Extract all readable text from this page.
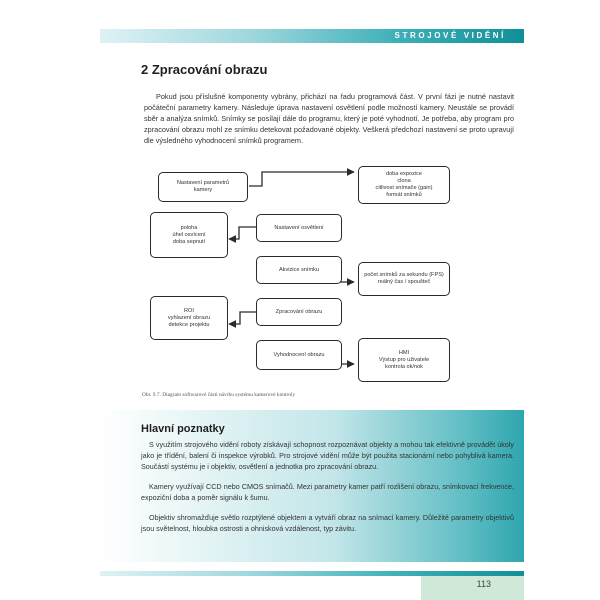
STROJOVÉ VIDĚNÍ
2 Zpracování obrazu

Pokud jsou příslušné komponenty vybrány, přichází na řadu programová část. V první fázi je nutné nastavit počáteční parametry kamery. Následuje úprava nastavení osvětlení podle možností kamery. Neustále se provádí sběr a analýza snímků. Snímky se posílají dále do programu, který je poté vyhodnotí. Je potřeba, aby program pro zpracování obrazu mohl ze snímku detekovat požadované objekty. Veškerá předchozí nastavení se proto upravují dle výsledného vyhodnocení snímků programem.

doba expozice
clona
citlivost snímače (gain)
formát snímků
Nastavení parametrů kamery
poloha
úhel osvícení
doba sepnutí
Nastavení osvětlení
Akvizice snímku
počet snímků za sekundu (FPS)
reálný čas / spoušteč
ROI
vyhlazení obrazu
detekce projektu
Zpracování obrazu
Vyhodnocení obrazu	HMI
Výstup pro uživatele
kontrola ok/nok
Obr. 9.7. Diagram softwarové části návrhu systému kamerové kontroly
Hlavní poznatky

S využitím strojového vidění roboty získávají schopnost rozpoznávat objekty a mohou tak efektivně provádět úkoly jako je třídění, balení či inspekce výrobků. Pro strojové vidění může být použita stacionární nebo pohyblivá kamera. Součástí systému je i objektiv, osvětlení a jednotka pro zpracování obrazu.

Kamery využívají CCD nebo CMOS snímačů. Mezi parametry kamer patří rozlišení obrazu, snímkovací frekvence, expoziční doba a poměr signálu k šumu.

Objektiv shromažďuje světlo rozptýlené objektem a vytváří obraz na snímací kamery. Důležité parametry objektivů jsou světelnost, hloubka ostrosti a ohnisková vzdálenost, typ závitu.

113
